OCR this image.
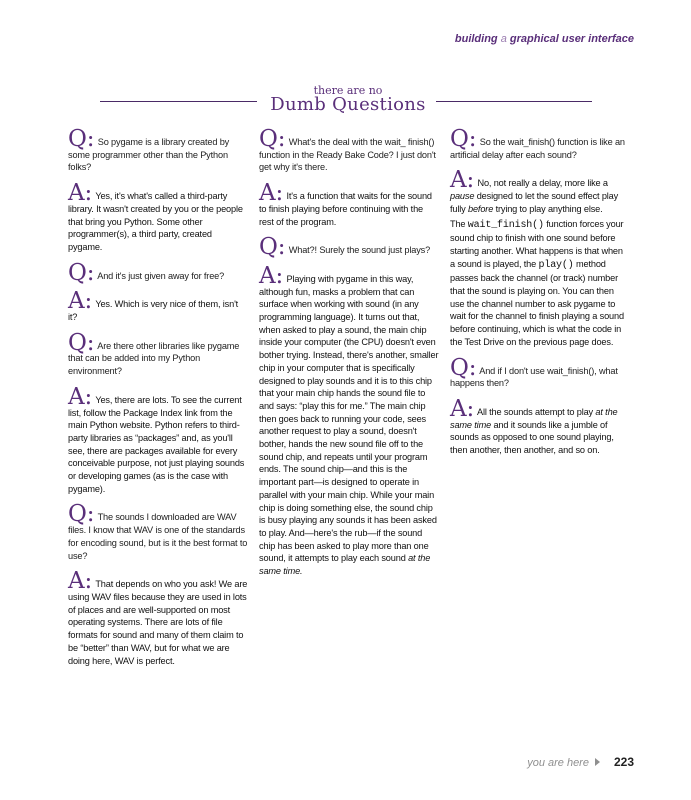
building a graphical user interface
there are no
Dumb Questions

Q: So pygame is a library created by some programmer other than the Python folks?

A: Yes, it's what's called a third-party library. It wasn't created by you or the people that bring you Python. Some other programmer(s), a third party, created pygame.

Q: And it's just given away for free?

A: Yes. Which is very nice of them, isn't it?

Q: Are there other libraries like pygame that can be added into my Python environment?

A: Yes, there are lots. To see the current list, follow the Package Index link from the main Python website. Python refers to third-party libraries as “packages” and, as you'll see, there are packages available for every conceivable purpose, not just playing sounds or developing games (as is the case with pygame).

Q: The sounds I downloaded are WAV files. I know that WAV is one of the standards for encoding sound, but is it the best format to use?

A: That depends on who you ask! We are using WAV files because they are used in lots of places and are well-supported on most operating systems. There are lots of file formats for sound and many of them claim to be “better” than WAV, but for what we are doing here, WAV is perfect.

Q: What's the deal with the wait_ finish() function in the Ready Bake Code? I just don't get why it's there.

A: It's a function that waits for the sound to finish playing before continuing with the rest of the program.

Q: What?! Surely the sound just plays?

A: Playing with pygame in this way, although fun, masks a problem that can surface when working with sound (in any programming language). It turns out that, when asked to play a sound, the main chip inside your computer (the CPU) doesn't even bother trying. Instead, there's another, smaller chip in your computer that is specifically designed to play sounds and it is to this chip that your main chip hands the sound file to and says: “play this for me.” The main chip then goes back to running your code, sees another request to play a sound, doesn't bother, hands the new sound file off to the sound chip, and repeats until your program ends. The sound chip—and this is the important part—is designed to operate in parallel with your main chip. While your main chip is doing something else, the sound chip is busy playing any sounds it has been asked to play. And—here's the rub—if the sound chip has been asked to play more than one sound, it attempts to play each sound at the same time.

Q: So the wait_finish() function is like an artificial delay after each sound?

A: No, not really a delay, more like a pause designed to let the sound effect play fully before trying to play anything else.

The wait_finish() function forces your sound chip to finish with one sound before starting another. What happens is that when a sound is played, the play() method passes back the channel (or track) number that the sound is playing on. You can then use the channel number to ask pygame to wait for the channel to finish playing a sound before continuing, which is what the code in the Test Drive on the previous page does.

Q: And if I don't use wait_finish(), what happens then?

A: All the sounds attempt to play at the same time and it sounds like a jumble of sounds as opposed to one sound playing, then another, then another, and so on.

you are here 223
